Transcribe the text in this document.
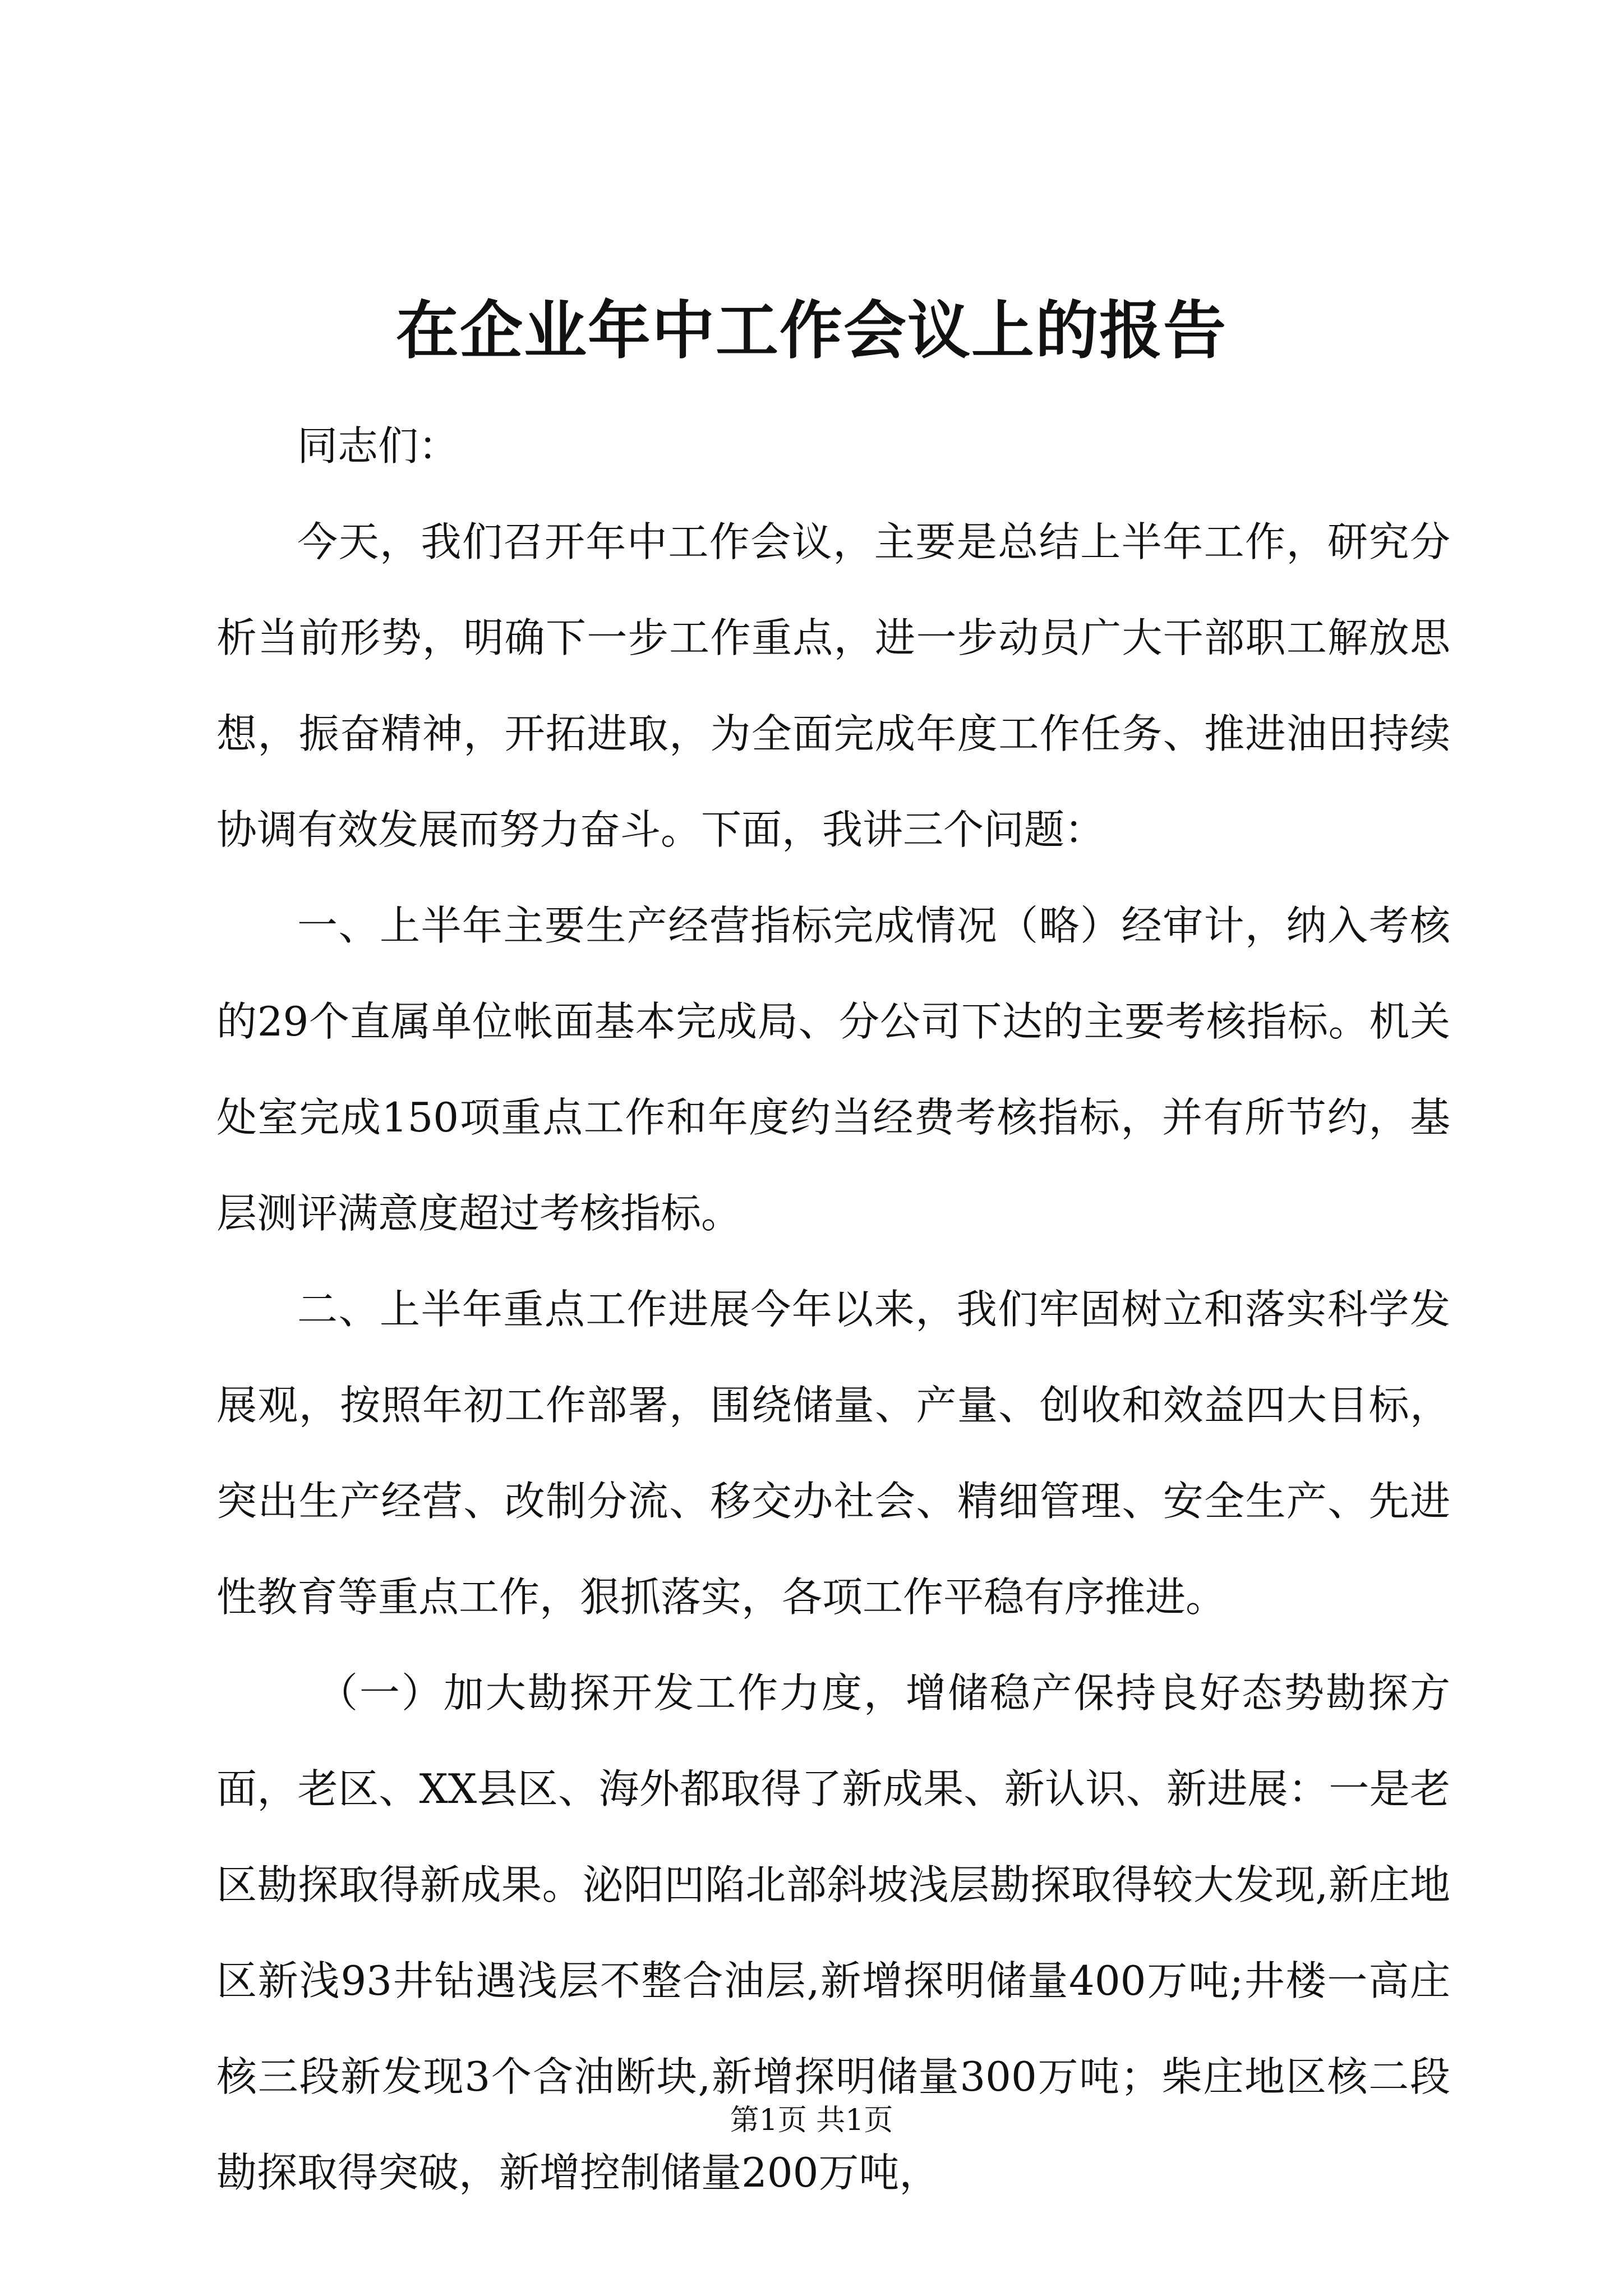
在企业年中工作会议上的报告

同志们：

今天，我们召开年中工作会议，主要是总结上半年工作，研究分析当前形势，明确下一步工作重点，进一步动员广大干部职工解放思想，振奋精神，开拓进取，为全面完成年度工作任务、推进油田持续协调有效发展而努力奋斗。下面，我讲三个问题：

一、上半年主要生产经营指标完成情况（略）经审计，纳入考核的29个直属单位帐面基本完成局、分公司下达的主要考核指标。机关处室完成150项重点工作和年度约当经费考核指标，并有所节约，基层测评满意度超过考核指标。

二、上半年重点工作进展今年以来，我们牢固树立和落实科学发展观，按照年初工作部署，围绕储量、产量、创收和效益四大目标，突出生产经营、改制分流、移交办社会、精细管理、安全生产、先进性教育等重点工作，狠抓落实，各项工作平稳有序推进。

（一）加大勘探开发工作力度，增储稳产保持良好态势勘探方面，老区、XX县区、海外都取得了新成果、新认识、新进展：一是老区勘探取得新成果。泌阳凹陷北部斜坡浅层勘探取得较大发现,新庄地区新浅93井钻遇浅层不整合油层,新增探明储量400万吨;井楼一高庄核三段新发现3个含油断块,新增探明储量300万吨；柴庄地区核二段勘探取得突破，新增控制储量200万吨，

第1页 共1页
